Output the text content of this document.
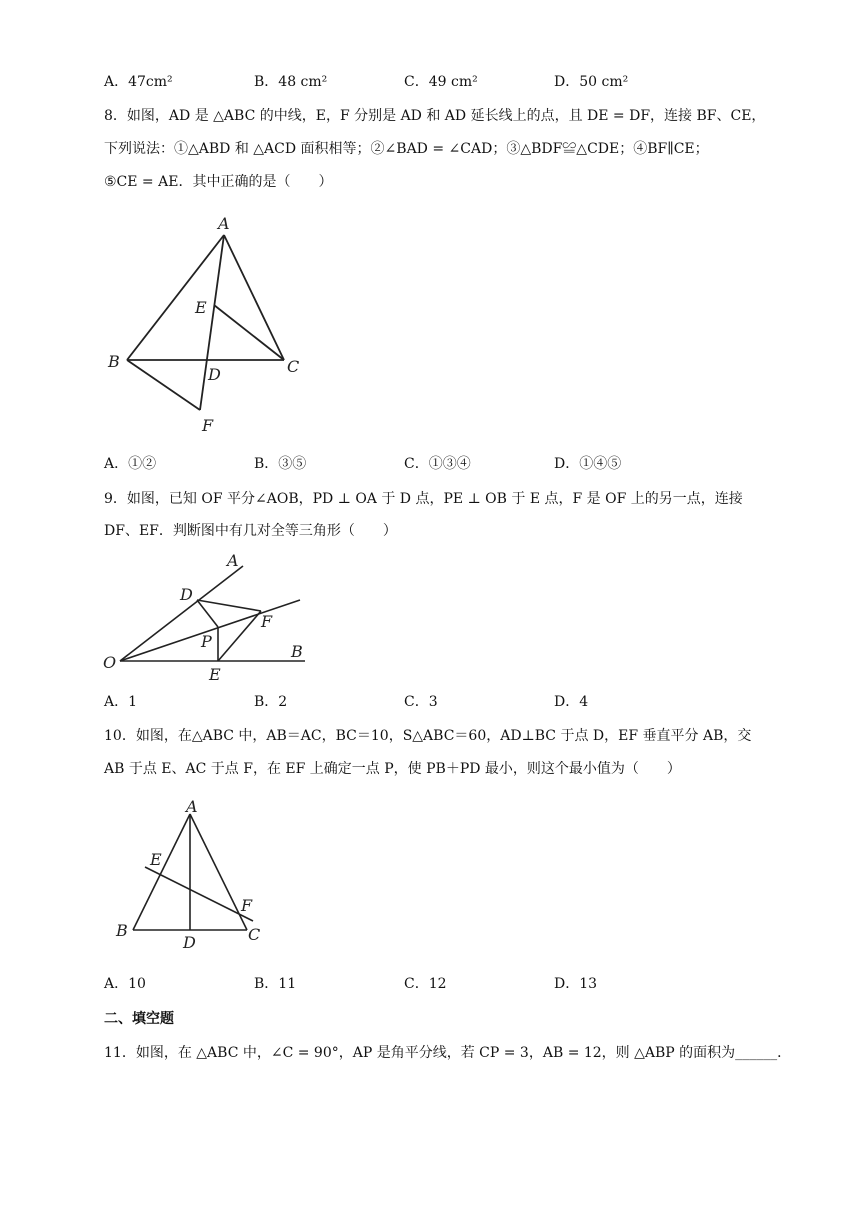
A．47cm²	B．48 cm²	C．49 cm²	D．50 cm²
8．如图，AD 是 △ABC 的中线，E，F 分别是 AD 和 AD 延长线上的点，且 DE = DF，连接 BF、CE，
下列说法：①△ABD 和 △ACD 面积相等；②∠BAD = ∠CAD；③△BDF≌△CDE；④BF∥CE；
⑤CE = AE．其中正确的是（　　）
A
B	C
D
E
F
A．①②	B．③⑤	C．①③④	D．①④⑤
9．如图，已知 OF 平分∠AOB，PD ⊥ OA 于 D 点，PE ⊥ OB 于 E 点，F 是 OF 上的另一点，连接
DF、EF．判断图中有几对全等三角形（　　）
A
B
D
E
F
O
P
A．1	B．2	C．3	D．4
10．如图，在△ABC 中，AB＝AC，BC＝10，S△ABC＝60，AD⊥BC 于点 D，EF 垂直平分 AB，交
AB 于点 E、AC 于点 F，在 EF 上确定一点 P，使 PB＋PD 最小，则这个最小值为（　　）
A
B	C
D
E
F
A．10	B．11	C．12	D．13
二、填空题
11．如图，在 △ABC 中，∠C = 90°，AP 是角平分线，若 CP = 3，AB = 12，则 △ABP 的面积为______．
